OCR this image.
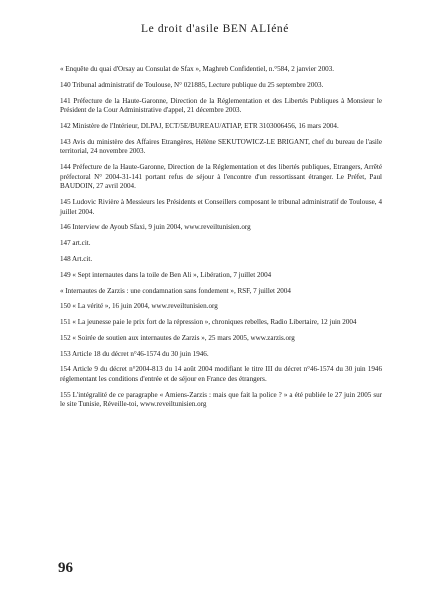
Le droit d'asile BEN ALIéné

« Enquête du quai d'Orsay au Consulat de Sfax », Maghreb Confidentiel, n.°584, 2 janvier 2003.

140 Tribunal administratif de Toulouse, N° 021885, Lecture publique du 25 septembre 2003.

141 Préfecture de la Haute-Garonne, Direction de la Réglementation et des Libertés Publiques à Monsieur le Président de la Cour Administrative d'appel, 21 décembre 2003.

142 Ministère de l'Intérieur, DLPAJ, ECT/5E/BUREAU/ATIAP, ETR 3103006456, 16 mars 2004.

143 Avis du ministère des Affaires Etrangères, Hélène SEKUTOWICZ-LE BRIGANT, chef du bureau de l'asile territorial, 24 novembre 2003.

144 Préfecture de la Haute-Garonne, Direction de la Réglementation et des libertés publiques, Etrangers, Arrêté préfectoral N° 2004-31-141 portant refus de séjour à l'encontre d'un ressortissant étranger. Le Préfet, Paul BAUDOIN, 27 avril 2004.

145 Ludovic Rivière à Messieurs les Présidents et Conseillers composant le tribunal administratif de Toulouse, 4 juillet 2004.

146 Interview de Ayoub Sfaxi, 9 juin 2004, www.reveiltunisien.org

147 art.cit.

148 Art.cit.

149 « Sept internautes dans la toile de Ben Ali », Libération, 7 juillet 2004

« Internautes de Zarzis : une condamnation sans fondement », RSF, 7 juillet 2004

150 « La vérité », 16 juin 2004, www.reveiltunisien.org

151 « La jeunesse paie le prix fort de la répression », chroniques rebelles, Radio Libertaire, 12 juin 2004

152 « Soirée de soutien aux internautes de Zarzis », 25 mars 2005, www.zarzis.org

153 Article 18 du décret n°46-1574 du 30 juin 1946.

154 Article 9 du décret n°2004-813 du 14 août 2004 modifiant le titre III du décret n°46-1574 du 30 juin 1946 réglementant les conditions d'entrée et de séjour en France des étrangers.

155 L'intégralité de ce paragraphe « Amiens-Zarzis : mais que fait la police ? » a été publiée le 27 juin 2005 sur le site Tunisie, Réveille-toi, www.reveiltunisien.org

96
